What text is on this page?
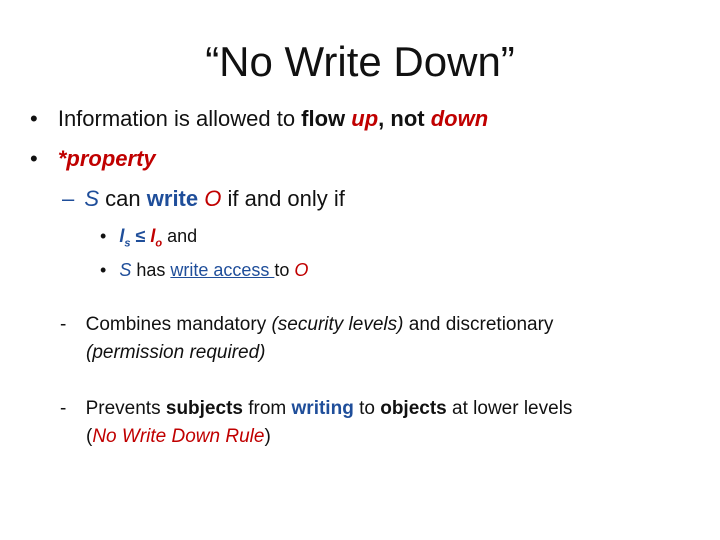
“No Write Down”
• Information is allowed to flow up, not down
• *property
– S can write O if and only if
• $l_s \le l_o$ and
• S has write access to O
- Combines mandatory (security levels) and discretionary
(permission required)
- Prevents subjects from writing to objects at lower levels
(No Write Down Rule)
